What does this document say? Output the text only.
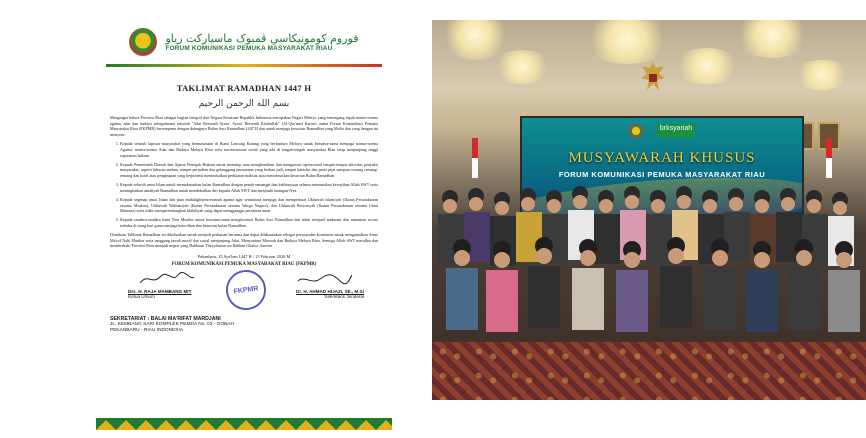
فوروم کومونيکاسي ڤمبوک ماسيارکت رياو
FORUM KOMUNIKASI PEMUKA MASYARAKAT RIAU
TAKLIMAT RAMADHAN 1447 H
بسم الله الرحمن الرحيم

Mengingat bahwa Provinsi Riau sebagai bagian integral dari Negara Kesatuan Republik Indonesia merupakan Negeri Melayu yang memegang teguh norma-norma agama, adat dan budaya sebagaimana falsafah "Adat Bersendi Syara', Syara' Bersendi Kitabullah" (Al-Qur'anul Karim), maka Forum Komunikasi Pemuka Masyarakat Riau (FKPMR) bersempena dengan datangnya Bulan Suci Ramadhan 1447 H dan untuk menjaga kesucian Ramadhan yang Mulia dan yang dengan ini menyeru:

1. Kepada seluruh lapisan masyarakat yang bermastautin di Bumi Lancang Kuning yang berbudaya Melayu untuk bersama-sama menjaga norma-norma Agama, norma-norma Adat dan Budaya Melayu Riau serta norma-norma sosial yang ada di tengah-tengah masyarakat Riau tetap menjunjung tinggi supremasi hukum.
2. Kepada Pemerintah Daerah dan Aparat Penegak Hukum untuk menutup atau menghentikan dan mengawasi operasional tempat-tempat aktivitas penyakit masyarakat, seperti hiburan malam, tempat perjudian dan gelanggang permainan yang berbau judi, tempat karaoke dan panti pijat maupun warung remang-remang dan hotel atau penginapan yang berpotensi menimbulkan perbuatan maksiat atau mencemarkan kesucian Bulan Ramadhan.
3. Kepada seluruh umat Islam untuk memakmurkan bulan Ramadhan dengan penuh semangat dan kekhusyuan selama menunaikan kewajiban Allah SWT serta meningkatkan amaliyah Ramadhan untuk mendekatkan diri kepada Allah SWT dan menjauhi larangan-Nya.
4. Kepada segenap umat Islam dan para mubaligh/penceramah agama agar senantiasa menjaga dan memperkuat Ukhuwah Islamiyah (Ikatan Persaudaraan sesama Muslim), Ukhuwah Wathaniyah (Ikatan Persaudaraan sesama Warga Negara), dan Ukhuwah Basyariyah (Ikatan Persaudaraan sesama Umat Manusia) serta tidak mempertentangkan khilafiyah yang dapat mengganggu persatuan umat.
5. Kepada saudara-saudara kami Non Muslim untuk bersama-sama menghormati Bulan Suci Ramadhan dan tidak menjual makanan dan minuman secara terbuka di siang hari guna menjaga ketertiban dan kesucian bulan Ramadhan.
Demikian Taklimat Ramadhan ini dikeluarkan untuk menjadi perhatian bersama dan dapat dilaksanakan sebagai perwujudan komitmen untuk mengamalkan Amar Ma'ruf Nahi Munkar serta tanggung jawab moral dan sosial menjunjung Adat, Menyantuni Marwah dan Budaya Melayu Riau. Semoga Allah SWT meridhai dan memberkahi Provinsi Riau menjadi negeri yang Baldatun Thayyibatun wa Rabbun Ghafur. Aamiin.
Pekanbaru, 25 Sya'ban 1447 H / 13 Februari 2026 M
FORUM KOMUNIKASI PEMUKA MASYARAKAT RIAU (FKPMR)
FKPMR
Drs. H. RAJA MAMBANG MIT
Ketua Umum
Dr. H. AHMAD HIJAZI, SE., M.Si
Sekretaris Jenderal
SEKRETARIAT : BALAI MA'RIFAT MARDJANI
JL. KEMBANG SARI KOMPLEK PEMDA No. 03 - GOBAH
PEKANBARU - RIAU INDONESIA
brksyariah
MUSYAWARAH KHUSUS
FORUM KOMUNIKASI PEMUKA MASYARAKAT RIAU
